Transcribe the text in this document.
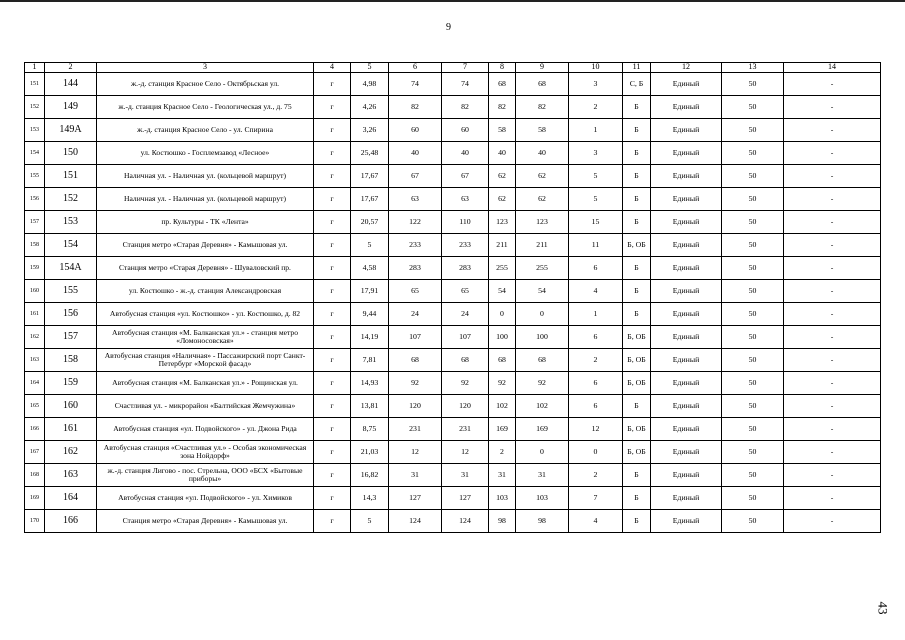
9
1	2	3	4	5	6	7	8	9	10	11	12	13	14
151	144	ж.-д. станция Красное Село - Октябрьская ул.	г	4,98	74	74	68	68	3	С, Б	Единый	50	-
152	149	ж.-д. станция Красное Село - Геологическая ул., д. 75	г	4,26	82	82	82	82	2	Б	Единый	50	-
153	149А	ж.-д. станция Красное Село - ул. Спирина	г	3,26	60	60	58	58	1	Б	Единый	50	-
154	150	ул. Костюшко - Госплемзавод «Лесное»	г	25,48	40	40	40	40	3	Б	Единый	50	-
155	151	Наличная ул. - Наличная ул. (кольцевой маршрут)	г	17,67	67	67	62	62	5	Б	Единый	50	-
156	152	Наличная ул. - Наличная ул. (кольцевой маршрут)	г	17,67	63	63	62	62	5	Б	Единый	50	-
157	153	пр. Культуры - ТК «Лента»	г	20,57	122	110	123	123	15	Б	Единый	50	-
158	154	Станция метро «Старая Деревня» - Камышовая ул.	г	5	233	233	211	211	11	Б, ОБ	Единый	50	-
159	154А	Станция метро «Старая Деревня» - Шуваловский пр.	г	4,58	283	283	255	255	6	Б	Единый	50	-
160	155	ул. Костюшко - ж.-д. станция Александровская	г	17,91	65	65	54	54	4	Б	Единый	50	-
161	156	Автобусная станция «ул. Костюшко» - ул. Костюшко, д. 82	г	9,44	24	24	0	0	1	Б	Единый	50	-
162	157	Автобусная станция «М. Балканская ул.» - станция метро «Ломоносовская»	г	14,19	107	107	100	100	6	Б, ОБ	Единый	50	-
163	158	Автобусная станция «Наличная» - Пассажирский порт Санкт-Петербург «Морской фасад»	г	7,81	68	68	68	68	2	Б, ОБ	Единый	50	-
164	159	Автобусная станция «М. Балканская ул.» - Рощинская ул.	г	14,93	92	92	92	92	6	Б, ОБ	Единый	50	-
165	160	Счастливая ул. - микрорайон «Балтийская Жемчужина»	г	13,81	120	120	102	102	6	Б	Единый	50	-
166	161	Автобусная станция «ул. Подвойского» - ул. Джона Рида	г	8,75	231	231	169	169	12	Б, ОБ	Единый	50	-
167	162	Автобусная станция «Счастливая ул.» - Особая экономическая зона Нойдорф»	г	21,03	12	12	2	0	0	Б, ОБ	Единый	50	-
168	163	ж.-д. станция Лигово - пос. Стрельна, ООО «БСХ «Бытовые приборы»	г	16,82	31	31	31	31	2	Б	Единый	50	-
169	164	Автобусная станция «ул. Подвойского» - ул. Химиков	г	14,3	127	127	103	103	7	Б	Единый	50	-
170	166	Станция метро «Старая Деревня» - Камышовая ул.	г	5	124	124	98	98	4	Б	Единый	50	-
43
